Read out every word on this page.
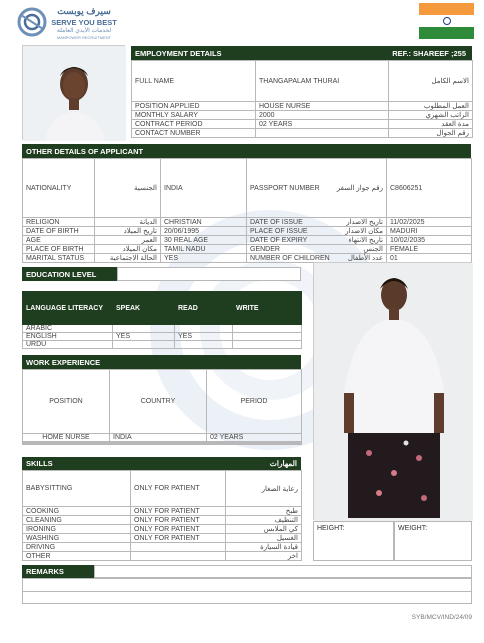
سيرف يوبست
SERVE YOU BEST
لخدمات الأيدي العاملة
MANPOWER RECRUITMENT
EMPLOYMENT DETAILS	REF.: SHAREEF ;255
FULL NAME	THANGAPALAM THURAI	الاسم الكامل
POSITION APPLIED	HOUSE NURSE	العمل المطلوب
MONTHLY SALARY	2000	الراتب الشهري
CONTRACT PERIOD	02 YEARS	مدة العقد
CONTACT NUMBER		رقم الجوال
OTHER DETAILS OF APPLICANT
NATIONALITY	الجنسية	INDIA	PASSPORT NUMBER	رقم جواز السفر	C8606251
RELIGION	الديانة	CHRISTIAN	DATE OF ISSUE	تاريخ الاصدار	11/02/2025
DATE OF BIRTH	تاريخ الميلاد	20/06/1995	PLACE OF ISSUE	مكان الاصدار	MADURI
AGE	العمر	30 REAL AGE	DATE OF EXPIRY	تاريخ الانتهاء	10/02/2035
PLACE OF BIRTH	مكان الميلاد	TAMIL NADU	GENDER	الجنس	FEMALE
MARITAL STATUS	الحالة الاجتماعية	YES	NUMBER OF CHILDREN	عدد الأطفال	01
EDUCATION LEVEL
LANGUAGE LITERACY	SPEAK	READ	WRITE
ARABIC			
ENGLISH	YES	YES	
URDU			
WORK EXPERIENCE
POSITION	COUNTRY	PERIOD
HOME NURSE	INDIA	02 YEARS

SKILLS	المهارات
BABYSITTING	ONLY FOR PATIENT	رعاية الصغار
COOKING	ONLY FOR PATIENT	طبخ
CLEANING	ONLY FOR PATIENT	التنظيف
IRONING	ONLY FOR PATIENT	كي الملابس
WASHING	ONLY FOR PATIENT	الغسيل
DRIVING		قيادة السيارة
OTHER		اخر
HEIGHT:	WEIGHT:
REMARKS
SYB/MCV/IND/24/09
